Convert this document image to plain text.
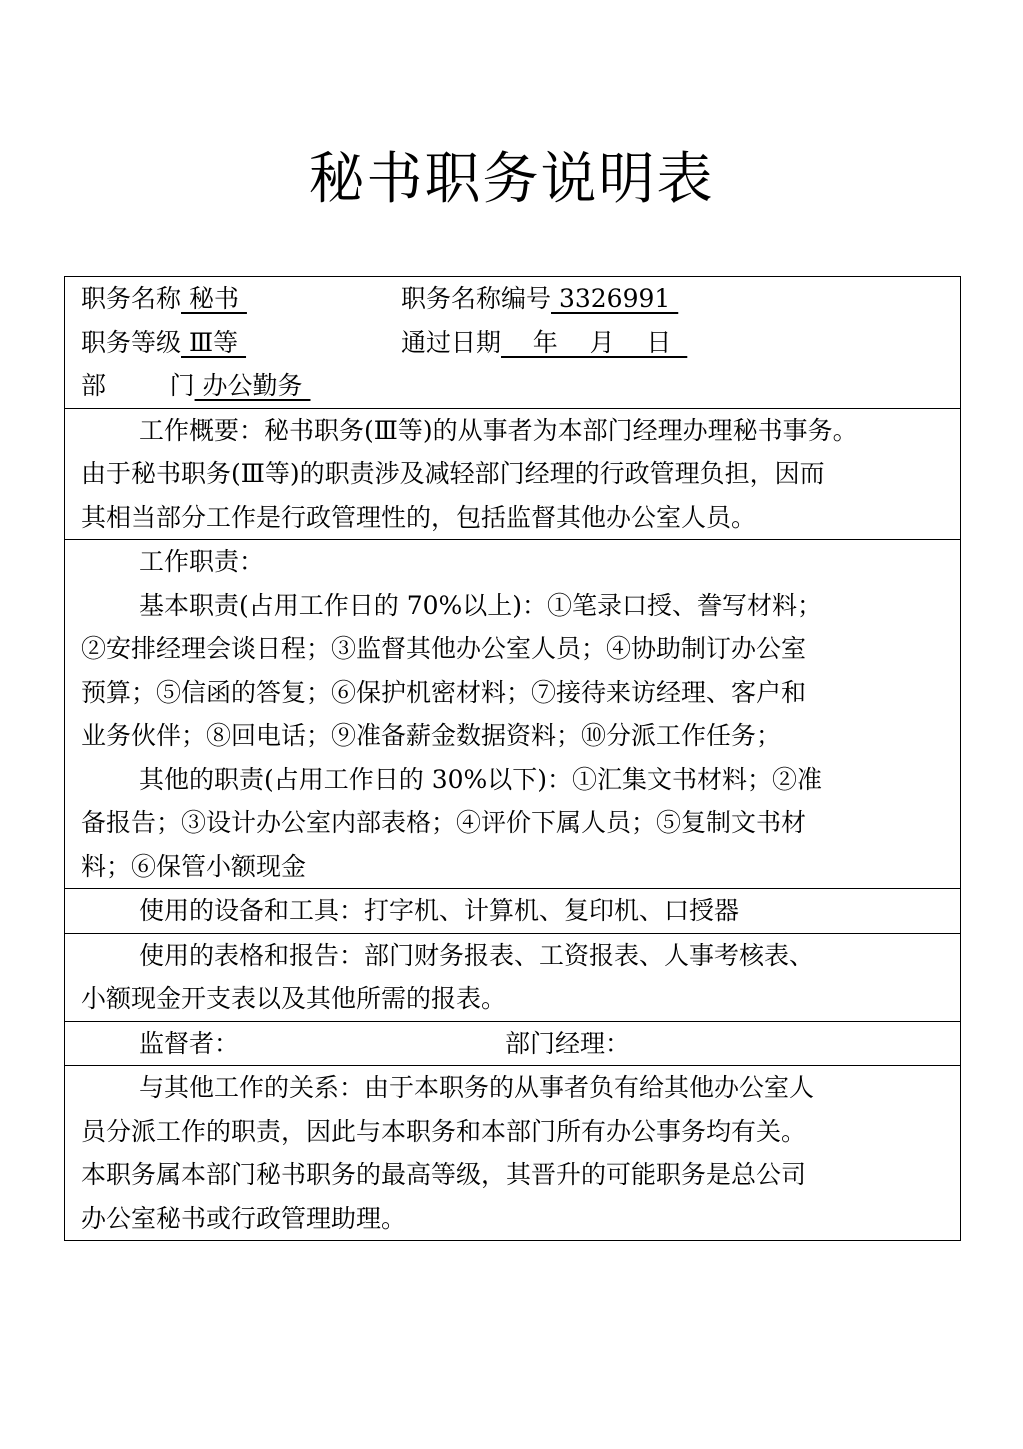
秘书职务说明表
职务名称 秘书	职务名称编号 3326991
职务等级 Ⅲ等	通过日期    年    月    日
部        门 办公勤务
工作概要：秘书职务(Ⅲ等)的从事者为本部门经理办理秘书事务。
由于秘书职务(Ⅲ等)的职责涉及减轻部门经理的行政管理负担，因而
其相当部分工作是行政管理性的，包括监督其他办公室人员。
工作职责：
基本职责(占用工作日的 70%以上)：①笔录口授、誊写材料；
②安排经理会谈日程；③监督其他办公室人员；④协助制订办公室
预算；⑤信函的答复；⑥保护机密材料；⑦接待来访经理、客户和
业务伙伴；⑧回电话；⑨准备薪金数据资料；⑩分派工作任务；
其他的职责(占用工作日的 30%以下)：①汇集文书材料；②准
备报告；③设计办公室内部表格；④评价下属人员；⑤复制文书材
料；⑥保管小额现金
使用的设备和工具：打字机、计算机、复印机、口授器
使用的表格和报告：部门财务报表、工资报表、人事考核表、
小额现金开支表以及其他所需的报表。
监督者：	部门经理：
与其他工作的关系：由于本职务的从事者负有给其他办公室人
员分派工作的职责，因此与本职务和本部门所有办公事务均有关。
本职务属本部门秘书职务的最高等级，其晋升的可能职务是总公司
办公室秘书或行政管理助理。
